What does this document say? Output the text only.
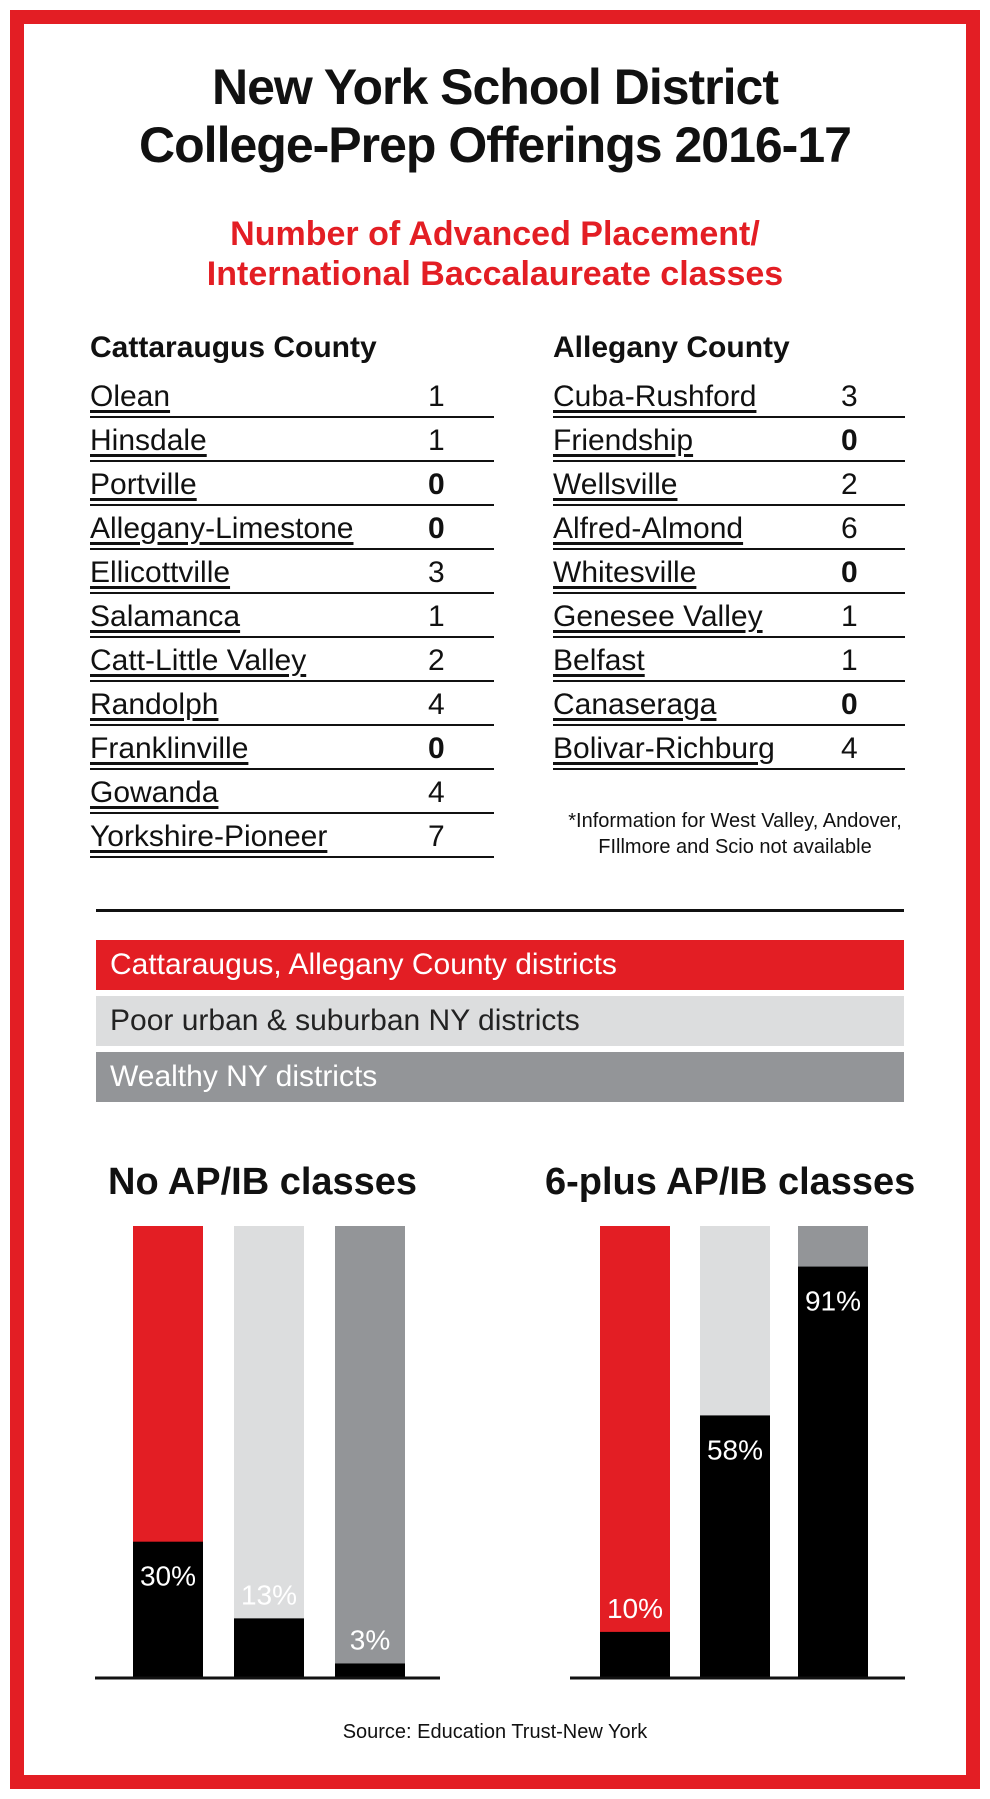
New York School District
College-Prep Offerings 2016-17
Number of Advanced Placement/
International Baccalaureate classes
Cattaraugus County
Olean	1
Hinsdale	1
Portville	0
Allegany-Limestone 0
Ellicottville	3
Salamanca	1
Catt-Little Valley	2
Randolph	4
Franklinville	0
Gowanda	4
Yorkshire-Pioneer	7
Allegany County
Cuba-Rushford	3
Friendship	0
Wellsville	2
Alfred-Almond	6
Whitesville	0
Genesee Valley	1
Belfast	1
Canaseraga	0
Bolivar-Richburg 4
*Information for West Valley, Andover,
FIllmore and Scio not available
Cattaraugus, Allegany County districts
Poor urban & suburban NY districts
Wealthy NY districts
No AP/IB classes	6-plus AP/IB classes
30%
13%
3%
10%
58%
91%
Source: Education Trust-New York
